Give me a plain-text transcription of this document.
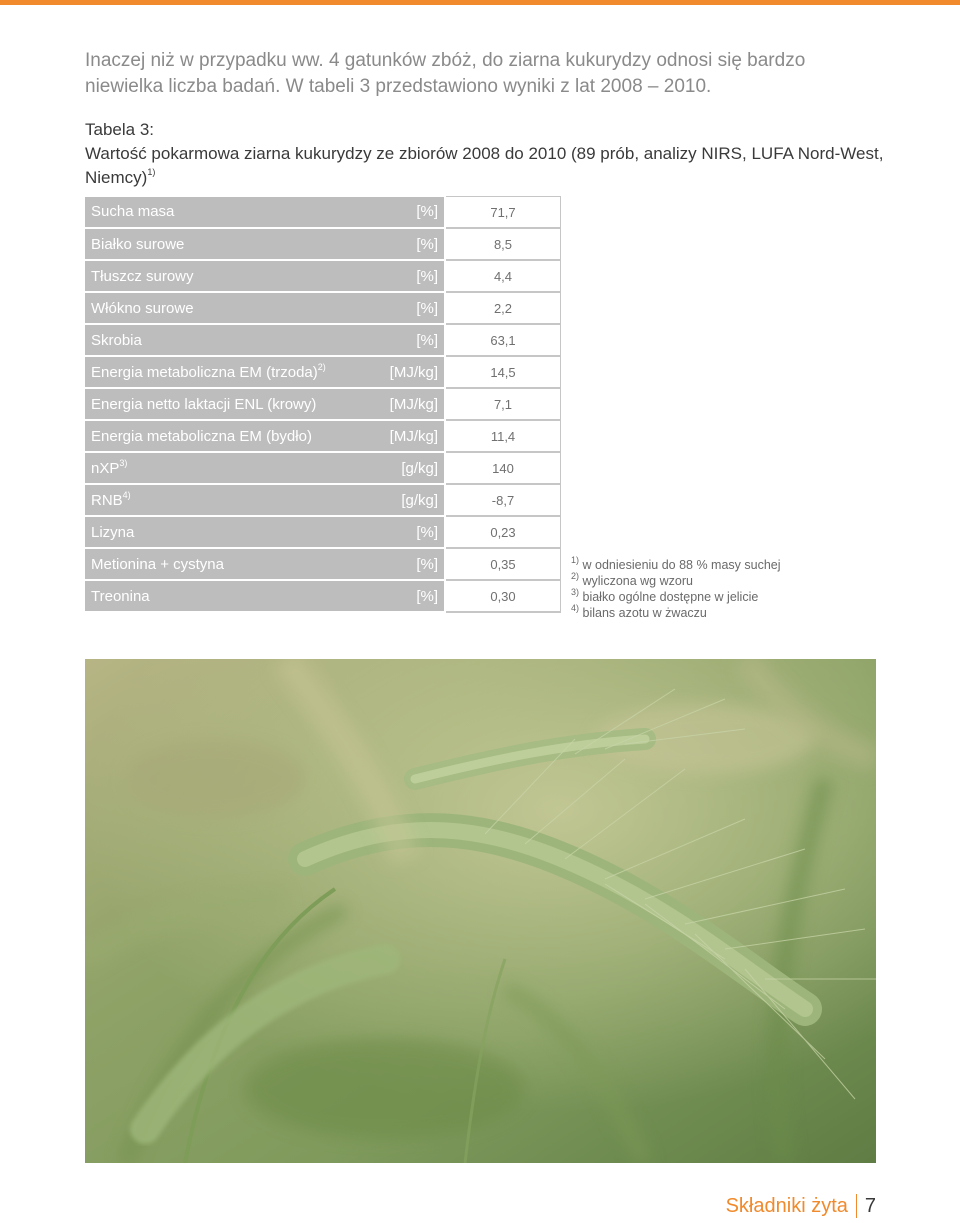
Inaczej niż w przypadku ww. 4 gatunków zbóż, do ziarna kukurydzy odnosi się bardzo niewielka liczba badań. W tabeli 3 przedstawiono wyniki z lat 2008 – 2010.

Tabela 3:
Wartość pokarmowa ziarna kukurydzy ze zbiorów 2008 do 2010 (89 prób, analizy NIRS, LUFA Nord-West, Niemcy)$^{1)}$

Sucha masa	[%]	71,7
Białko surowe	[%]	8,5
Tłuszcz surowy	[%]	4,4
Włókno surowe	[%]	2,2
Skrobia	[%]	63,1
Energia metaboliczna EM (trzoda)$^{2)}$	[MJ/kg]	14,5
Energia netto laktacji ENL (krowy)	[MJ/kg]	7,1
Energia metaboliczna EM (bydło)	[MJ/kg]	11,4
nXP$^{3)}$	[g/kg]	140
RNB$^{4)}$	[g/kg]	-8,7
Lizyna	[%]	0,23
Metionina + cystyna	[%]	0,35
Treonina	[%]	0,30
$^{1)}$ w odniesieniu do 88 % masy suchej
$^{2)}$ wyliczona wg wzoru
$^{3)}$ białko ogólne dostępne w jelicie
$^{4)}$ bilans azotu w żwaczu
Składniki żyta 7
